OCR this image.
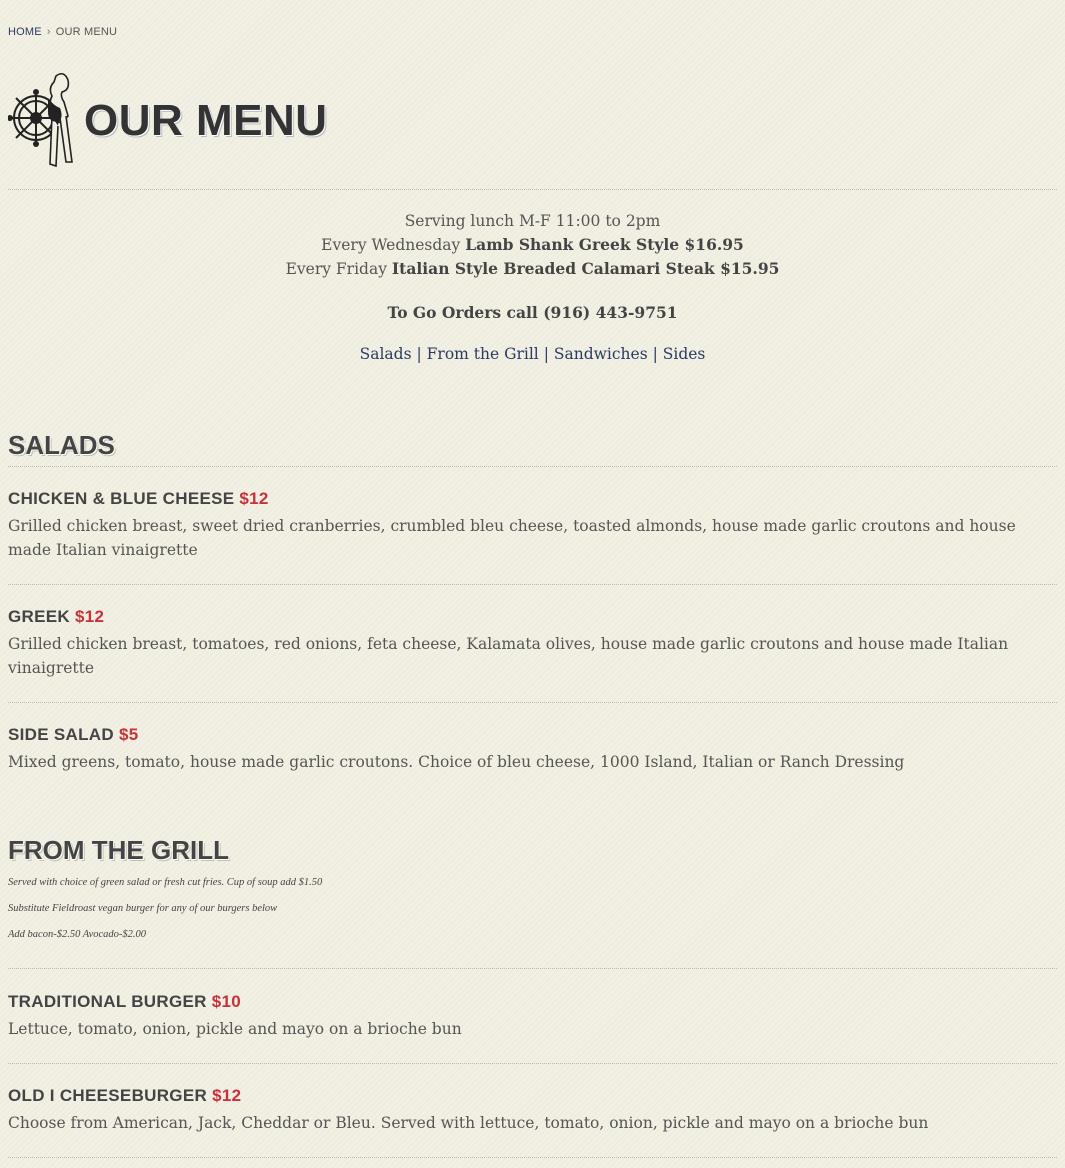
HOME › OUR MENU
OUR MENU
Serving lunch M-F 11:00 to 2pm
Every Wednesday Lamb Shank Greek Style $16.95
Every Friday Italian Style Breaded Calamari Steak $15.95
To Go Orders call (916) 443-9751
Salads | From the Grill | Sandwiches | Sides
SALADS
CHICKEN & BLUE CHEESE $12
Grilled chicken breast, sweet dried cranberries, crumbled bleu cheese, toasted almonds, house made garlic croutons and house made Italian vinaigrette
GREEK $12
Grilled chicken breast, tomatoes, red onions, feta cheese, Kalamata olives, house made garlic croutons and house made Italian vinaigrette
SIDE SALAD $5
Mixed greens, tomato, house made garlic croutons. Choice of bleu cheese, 1000 Island, Italian or Ranch Dressing
FROM THE GRILL
Served with choice of green salad or fresh cut fries. Cup of soup add $1.50
Substitute Fieldroast vegan burger for any of our burgers below
Add bacon-$2.50 Avocado-$2.00
TRADITIONAL BURGER $10
Lettuce, tomato, onion, pickle and mayo on a brioche bun
OLD I CHEESEBURGER $12
Choose from American, Jack, Cheddar or Bleu. Served with lettuce, tomato, onion, pickle and mayo on a brioche bun
